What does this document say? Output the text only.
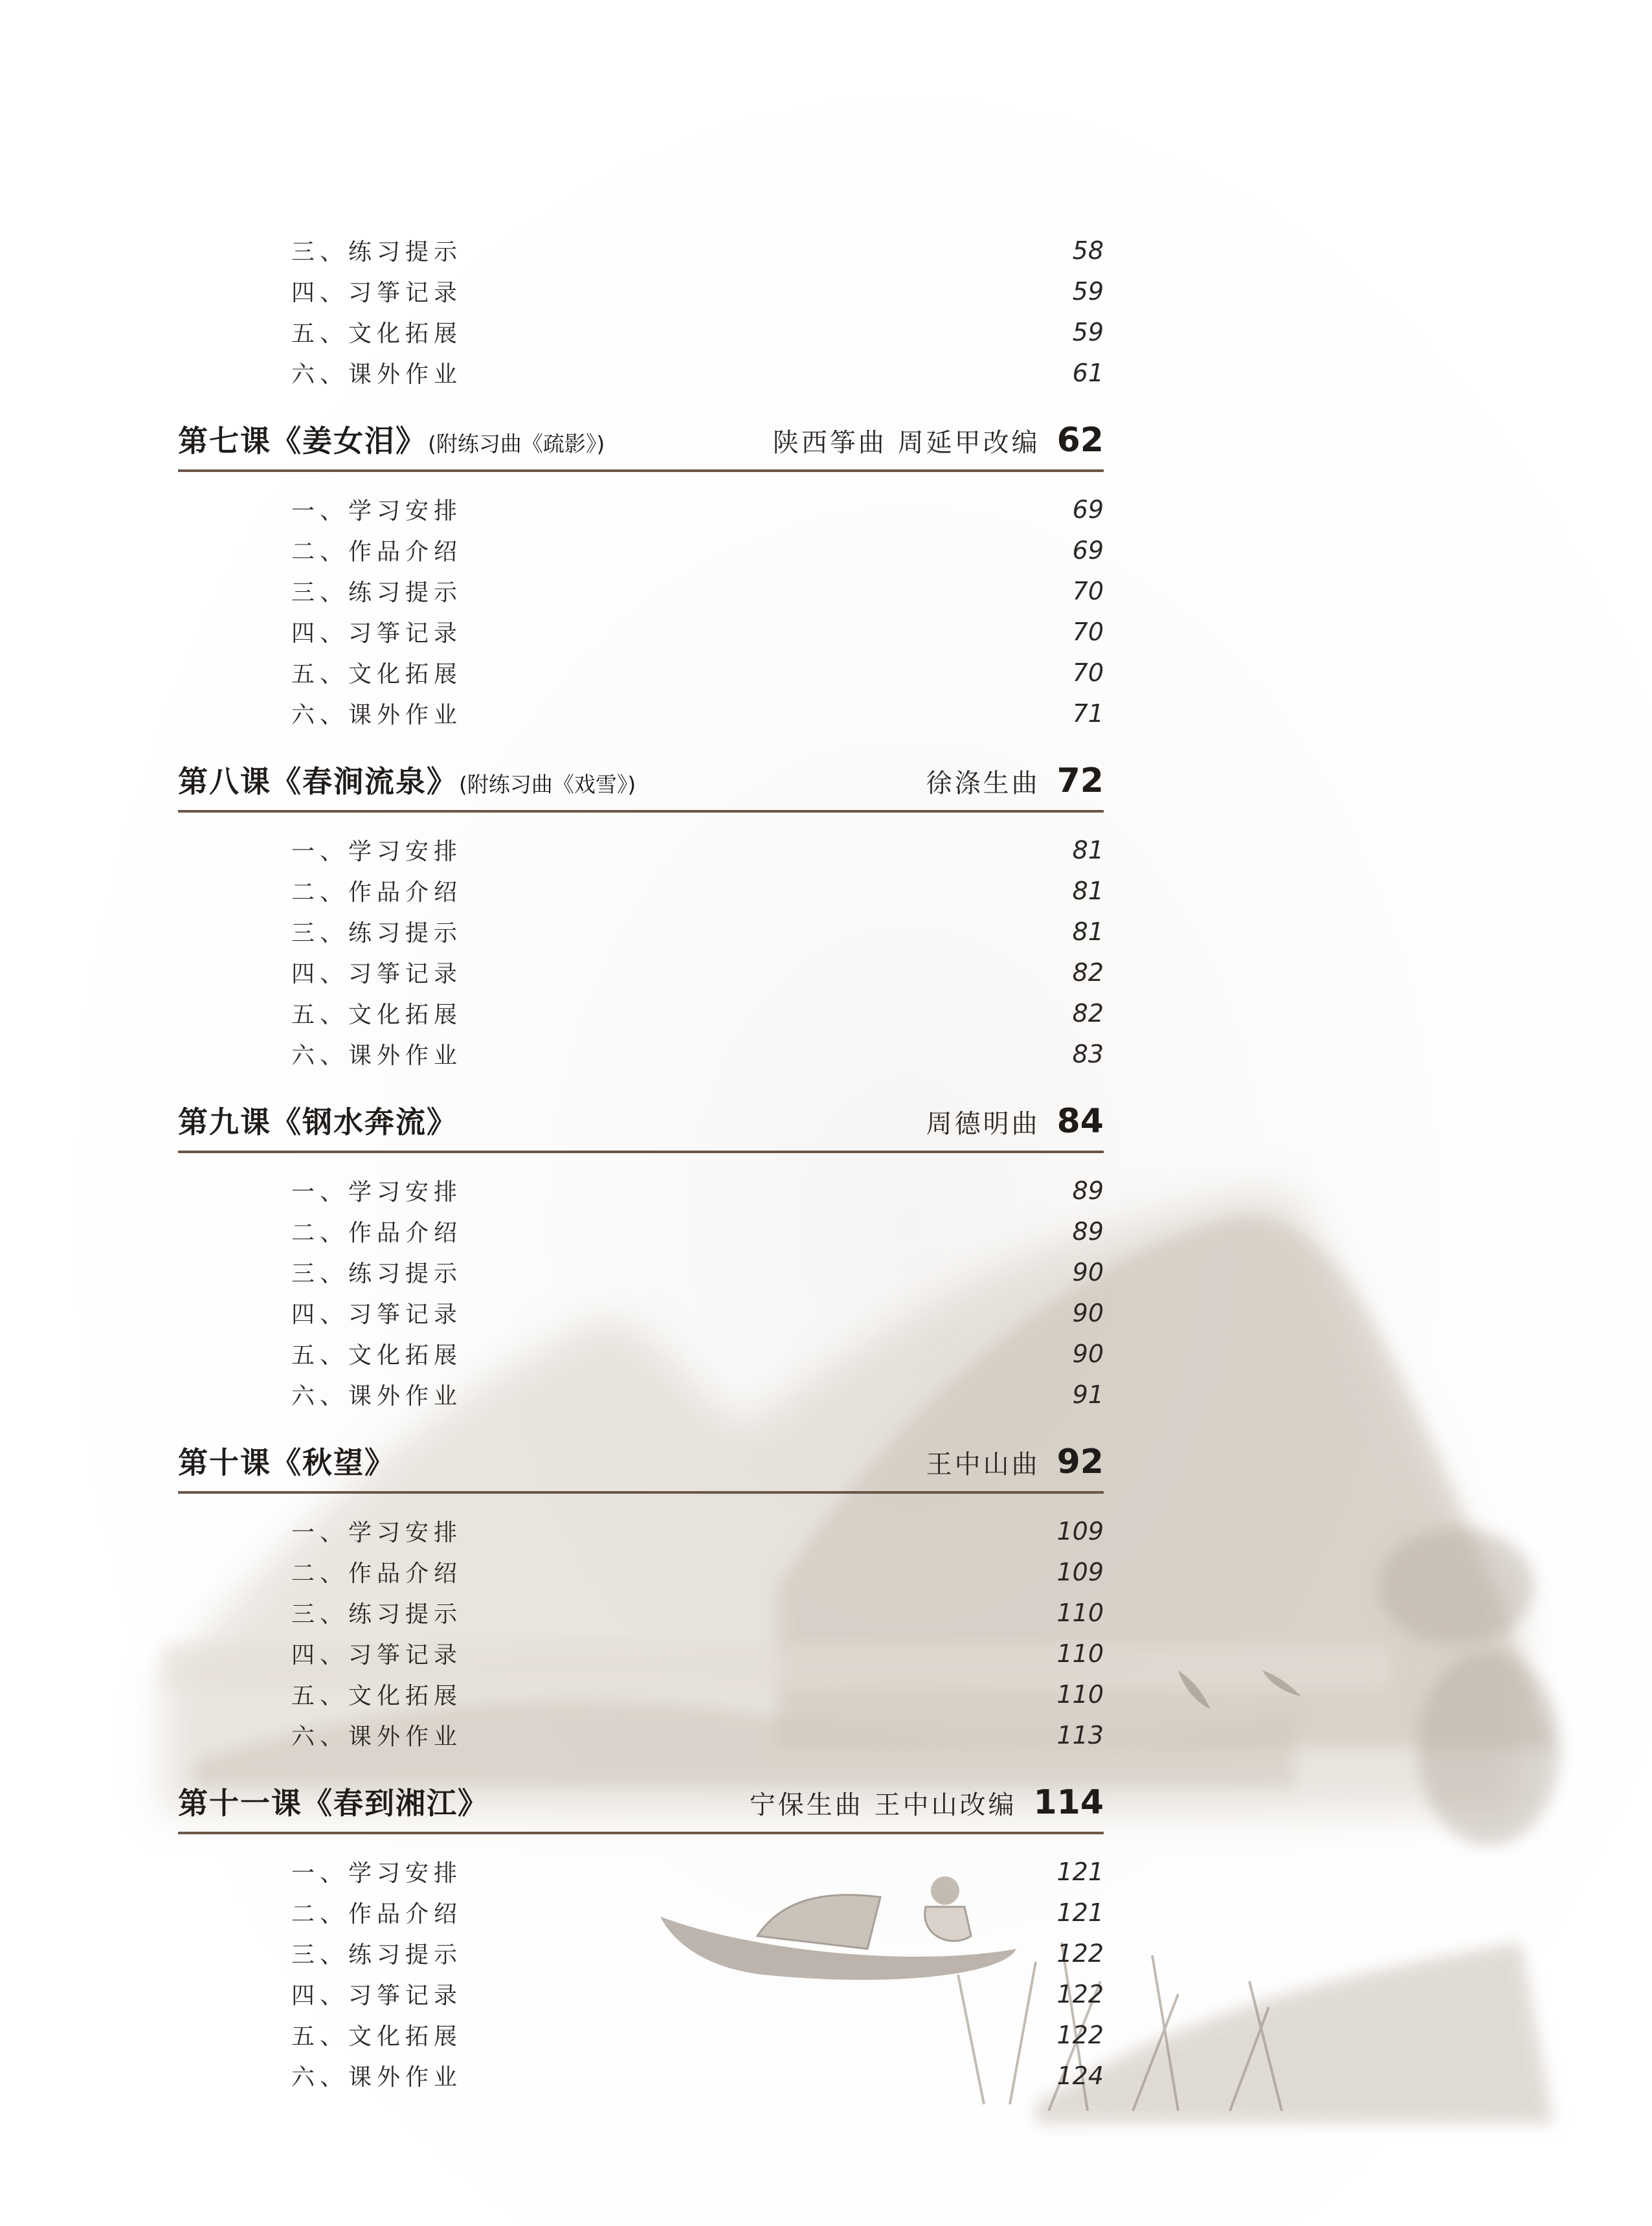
三、练习提示	58
四、习筝记录	59
五、文化拓展	59
六、课外作业	61
第七课《姜女泪》(附练习曲《疏影》)	陕西筝曲 周延甲改编 62
一、学习安排	69
二、作品介绍	69
三、练习提示	70
四、习筝记录	70
五、文化拓展	70
六、课外作业	71
第八课《春涧流泉》(附练习曲《戏雪》)	徐涤生曲 72
一、学习安排	81
二、作品介绍	81
三、练习提示	81
四、习筝记录	82
五、文化拓展	82
六、课外作业	83
第九课《钢水奔流》	周德明曲 84
一、学习安排	89
二、作品介绍	89
三、练习提示	90
四、习筝记录	90
五、文化拓展	90
六、课外作业	91
第十课《秋望》	王中山曲 92
一、学习安排	109
二、作品介绍	109
三、练习提示	110
四、习筝记录	110
五、文化拓展	110
六、课外作业	113
第十一课《春到湘江》	宁保生曲 王中山改编 114
一、学习安排	121
二、作品介绍	121
三、练习提示	122
四、习筝记录	122
五、文化拓展	122
六、课外作业	124
